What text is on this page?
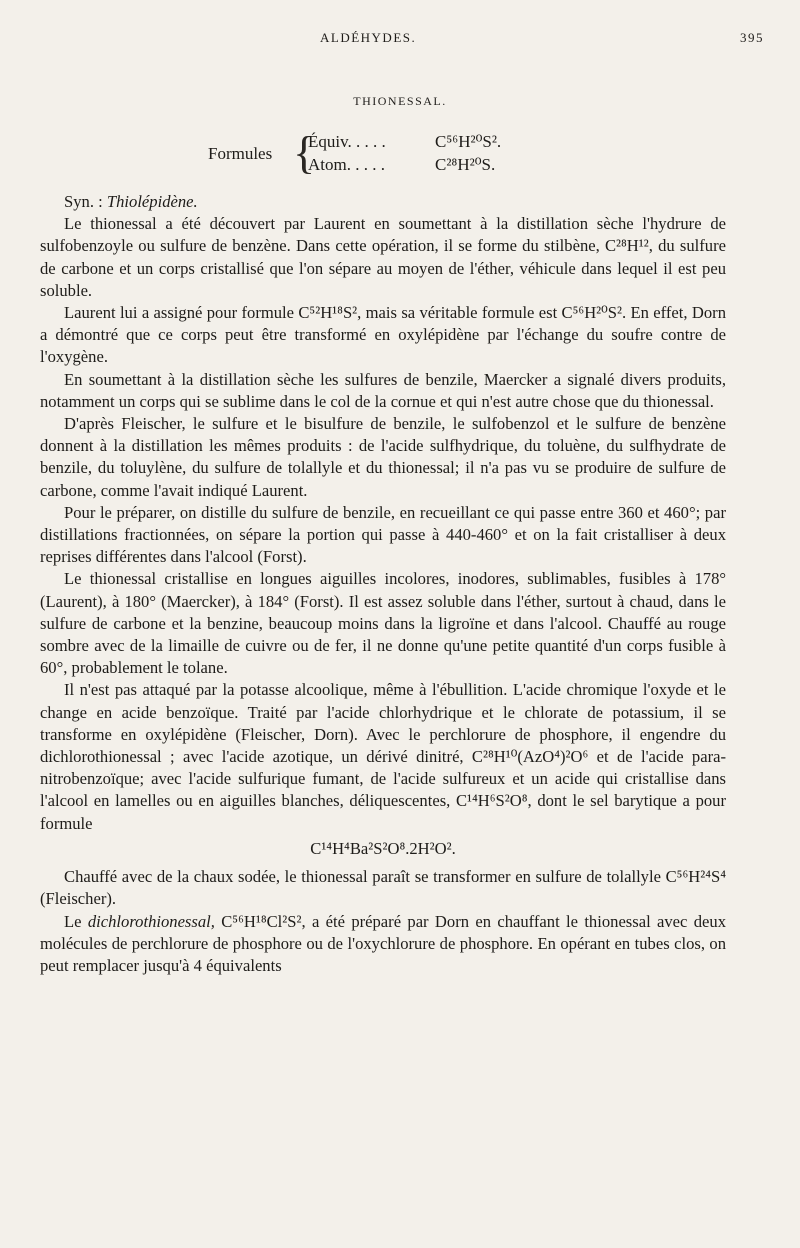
ALDÉHYDES.	395
THIONESSAL.
Formules {
Équiv. . . . .	C⁵⁶H²⁰S².
Atom. . . . .	C²⁸H²⁰S.

Syn. : Thiolépidène.

Le thionessal a été découvert par Laurent en soumettant à la distillation sèche l'hydrure de sulfobenzoyle ou sulfure de benzène. Dans cette opération, il se forme du stilbène, C²⁸H¹², du sulfure de carbone et un corps cristallisé que l'on sépare au moyen de l'éther, véhicule dans lequel il est peu soluble.

Laurent lui a assigné pour formule C⁵²H¹⁸S², mais sa véritable formule est C⁵⁶H²⁰S². En effet, Dorn a démontré que ce corps peut être transformé en oxylépidène par l'échange du soufre contre de l'oxygène.

En soumettant à la distillation sèche les sulfures de benzile, Maercker a signalé divers produits, notamment un corps qui se sublime dans le col de la cornue et qui n'est autre chose que du thionessal.

D'après Fleischer, le sulfure et le bisulfure de benzile, le sulfobenzol et le sulfure de benzène donnent à la distillation les mêmes produits : de l'acide sulfhydrique, du toluène, du sulfhydrate de benzile, du toluylène, du sulfure de tolallyle et du thionessal; il n'a pas vu se produire de sulfure de carbone, comme l'avait indiqué Laurent.

Pour le préparer, on distille du sulfure de benzile, en recueillant ce qui passe entre 360 et 460°; par distillations fractionnées, on sépare la portion qui passe à 440-460° et on la fait cristalliser à deux reprises différentes dans l'alcool (Forst).

Le thionessal cristallise en longues aiguilles incolores, inodores, sublimables, fusibles à 178° (Laurent), à 180° (Maercker), à 184° (Forst). Il est assez soluble dans l'éther, surtout à chaud, dans le sulfure de carbone et la benzine, beaucoup moins dans la ligroïne et dans l'alcool. Chauffé au rouge sombre avec de la limaille de cuivre ou de fer, il ne donne qu'une petite quantité d'un corps fusible à 60°, probablement le tolane.

Il n'est pas attaqué par la potasse alcoolique, même à l'ébullition. L'acide chromique l'oxyde et le change en acide benzoïque. Traité par l'acide chlorhydrique et le chlorate de potassium, il se transforme en oxylépidène (Fleischer, Dorn). Avec le perchlorure de phosphore, il engendre du dichlorothionessal ; avec l'acide azotique, un dérivé dinitré, C²⁸H¹⁰(AzO⁴)²O⁶ et de l'acide para-nitrobenzoïque; avec l'acide sulfurique fumant, de l'acide sulfureux et un acide qui cristallise dans l'alcool en lamelles ou en aiguilles blanches, déliquescentes, C¹⁴H⁶S²O⁸, dont le sel barytique a pour formule

C¹⁴H⁴Ba²S²O⁸.2H²O².

Chauffé avec de la chaux sodée, le thionessal paraît se transformer en sulfure de tolallyle C⁵⁶H²⁴S⁴ (Fleischer).

Le dichlorothionessal, C⁵⁶H¹⁸Cl²S², a été préparé par Dorn en chauffant le thionessal avec deux molécules de perchlorure de phosphore ou de l'oxychlorure de phosphore. En opérant en tubes clos, on peut remplacer jusqu'à 4 équivalents
